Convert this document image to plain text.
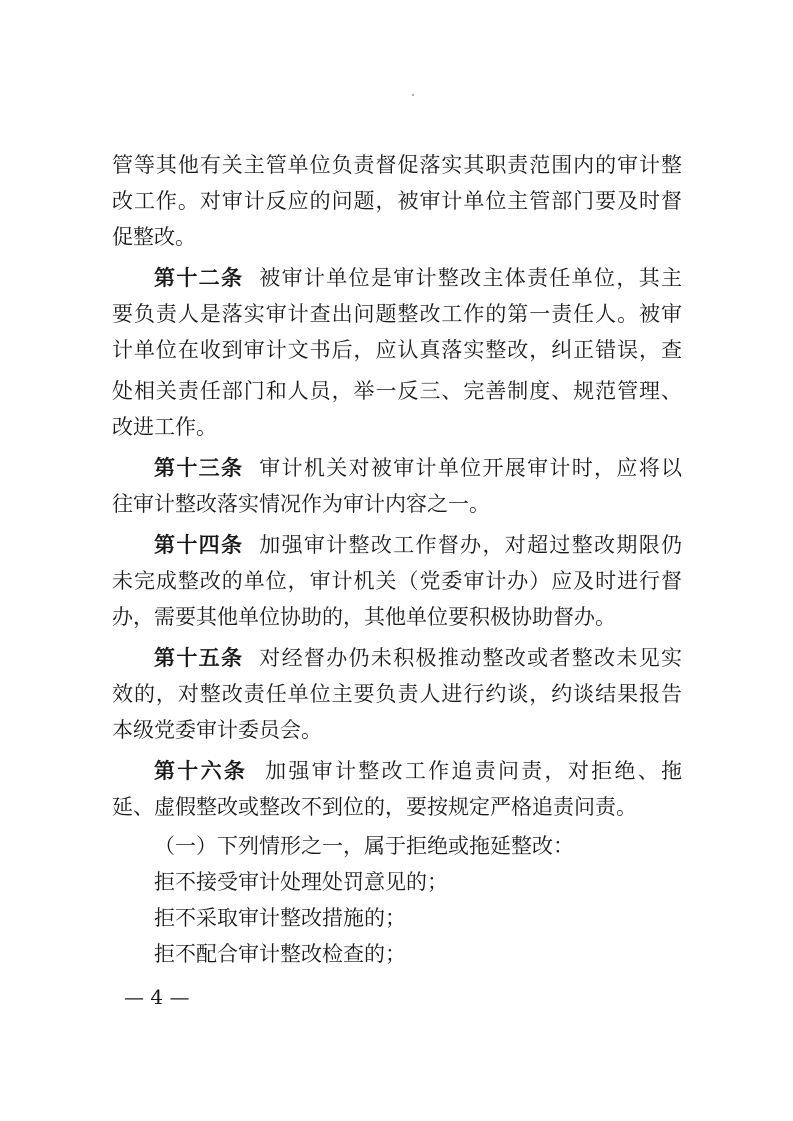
管等其他有关主管单位负责督促落实其职责范围内的审计整
改工作。对审计反应的问题，被审计单位主管部门要及时督
促整改。
第十二条 被审计单位是审计整改主体责任单位，其主
要负责人是落实审计查出问题整改工作的第一责任人。被审
计单位在收到审计文书后，应认真落实整改，纠正错误，查
处相关责任部门和人员，举一反三、完善制度、规范管理、
改进工作。
第十三条 审计机关对被审计单位开展审计时，应将以
往审计整改落实情况作为审计内容之一。
第十四条 加强审计整改工作督办，对超过整改期限仍
未完成整改的单位，审计机关（党委审计办）应及时进行督
办，需要其他单位协助的，其他单位要积极协助督办。
第十五条 对经督办仍未积极推动整改或者整改未见实
效的，对整改责任单位主要负责人进行约谈，约谈结果报告
本级党委审计委员会。
第十六条 加强审计整改工作追责问责，对拒绝、拖
延、虚假整改或整改不到位的，要按规定严格追责问责。
（一）下列情形之一，属于拒绝或拖延整改：
拒不接受审计处理处罚意见的；
拒不采取审计整改措施的；
拒不配合审计整改检查的；
— 4 —
